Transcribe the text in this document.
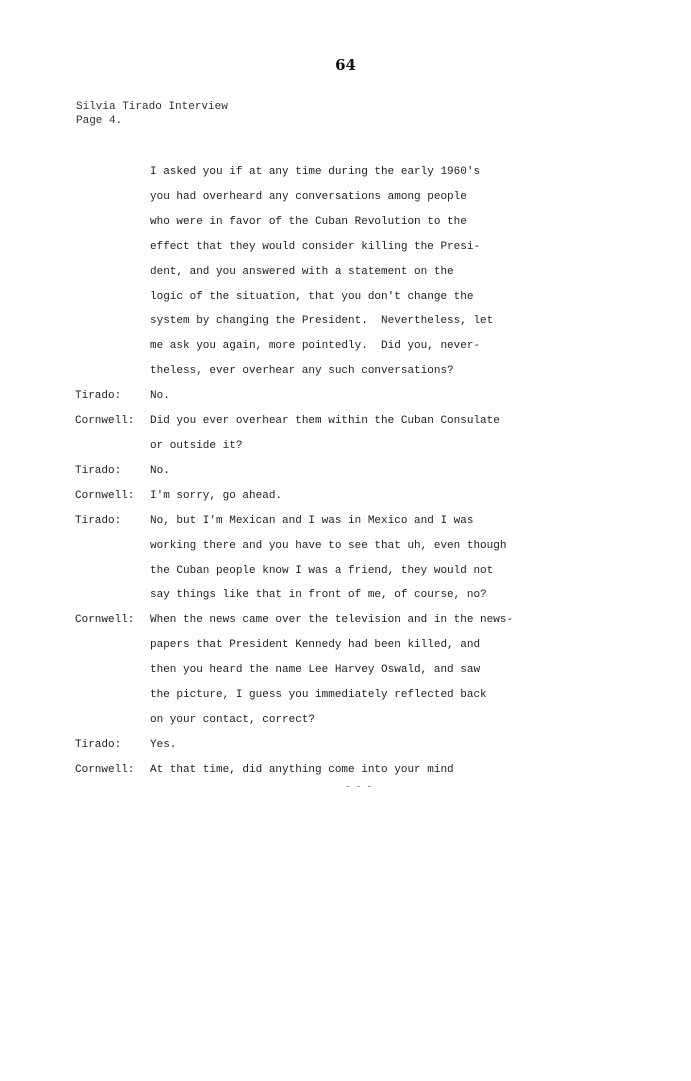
64
Silvia Tirado Interview
Page 4.
I asked you if at any time during the early 1960's
you had overheard any conversations among people
who were in favor of the Cuban Revolution to the
effect that they would consider killing the Presi-
dent, and you answered with a statement on the
logic of the situation, that you don't change the
system by changing the President.  Nevertheless, let
me ask you again, more pointedly.  Did you, never-
theless, ever overhear any such conversations?
Tirado:	No.
Cornwell:	Did you ever overhear them within the Cuban Consulate
or outside it?
Tirado:	No.
Cornwell:	I'm sorry, go ahead.
Tirado:	No, but I'm Mexican and I was in Mexico and I was
working there and you have to see that uh, even though
the Cuban people know I was a friend, they would not
say things like that in front of me, of course, no?
Cornwell:	When the news came over the television and in the news-
papers that President Kennedy had been killed, and
then you heard the name Lee Harvey Oswald, and saw
the picture, I guess you immediately reflected back
on your contact, correct?
Tirado:	Yes.
Cornwell:	At that time, did anything come into your mind
- - -
